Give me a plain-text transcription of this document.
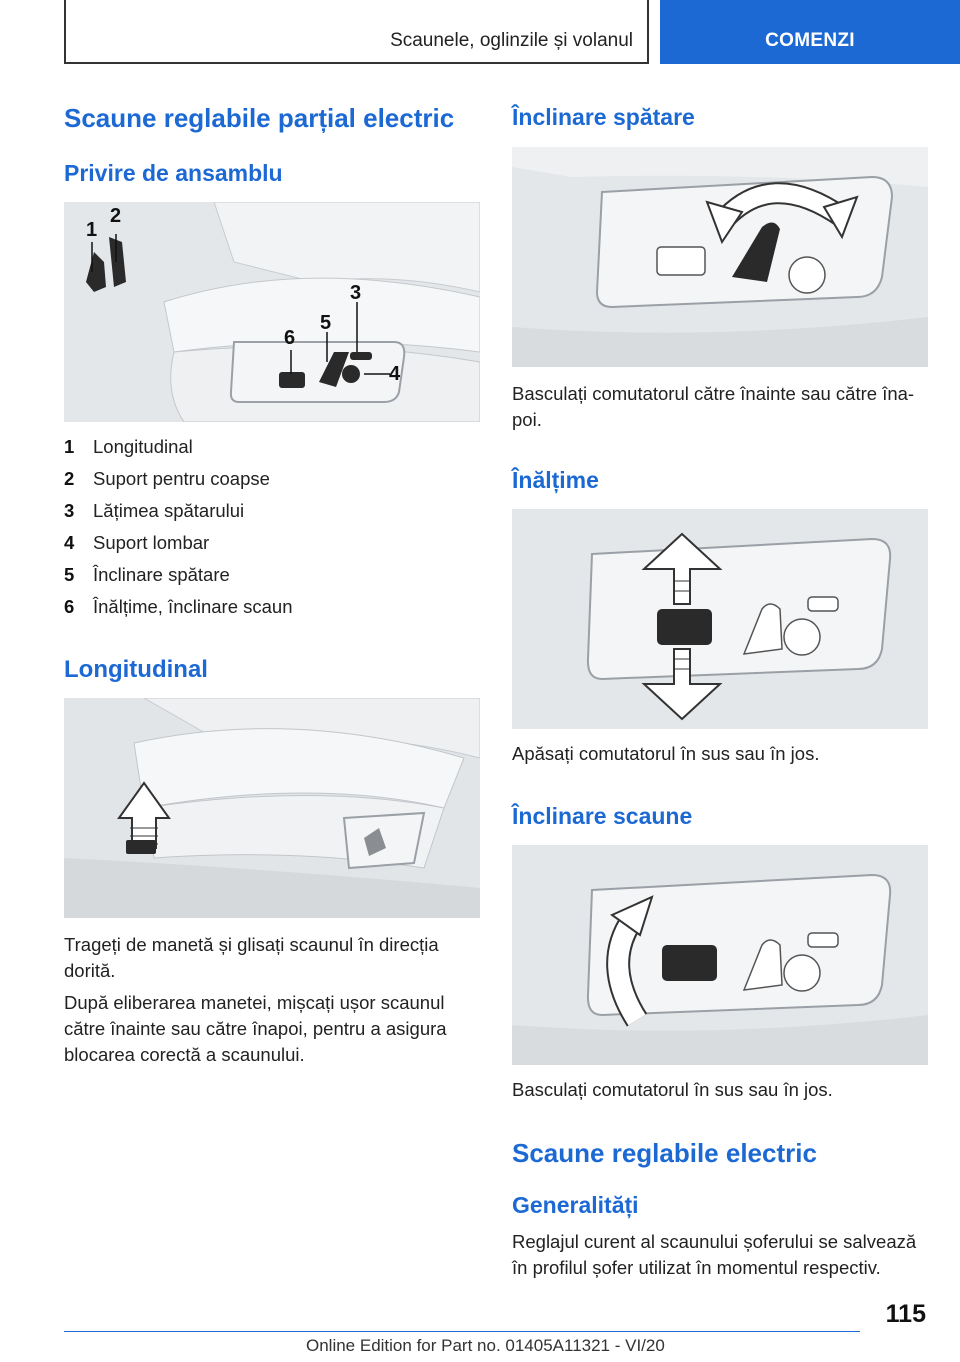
Scaunele, oglinzile și volanul	COMENZI
Scaune reglabile parțial electric
Privire de ansamblu
1
2
3
4
5
6
1 Longitudinal
2 Suport pentru coapse
3 Lățimea spătarului
4 Suport lombar
5 Înclinare spătare
6 Înălțime, înclinare scaun
Longitudinal
Trageți de manetă și glisați scaunul în direcția dorită.
După eliberarea manetei, mișcați ușor scaunul către înainte sau către înapoi, pentru a asigura blocarea corectă a scaunului.
Înclinare spătare
Basculați comutatorul către înainte sau către îna-poi.
Înălțime
Apăsați comutatorul în sus sau în jos.
Înclinare scaune
Basculați comutatorul în sus sau în jos.
Scaune reglabile electric
Generalități
Reglajul curent al scaunului șoferului se salvează în profilul șofer utilizat în momentul respectiv.
115
Online Edition for Part no. 01405A11321 - VI/20
